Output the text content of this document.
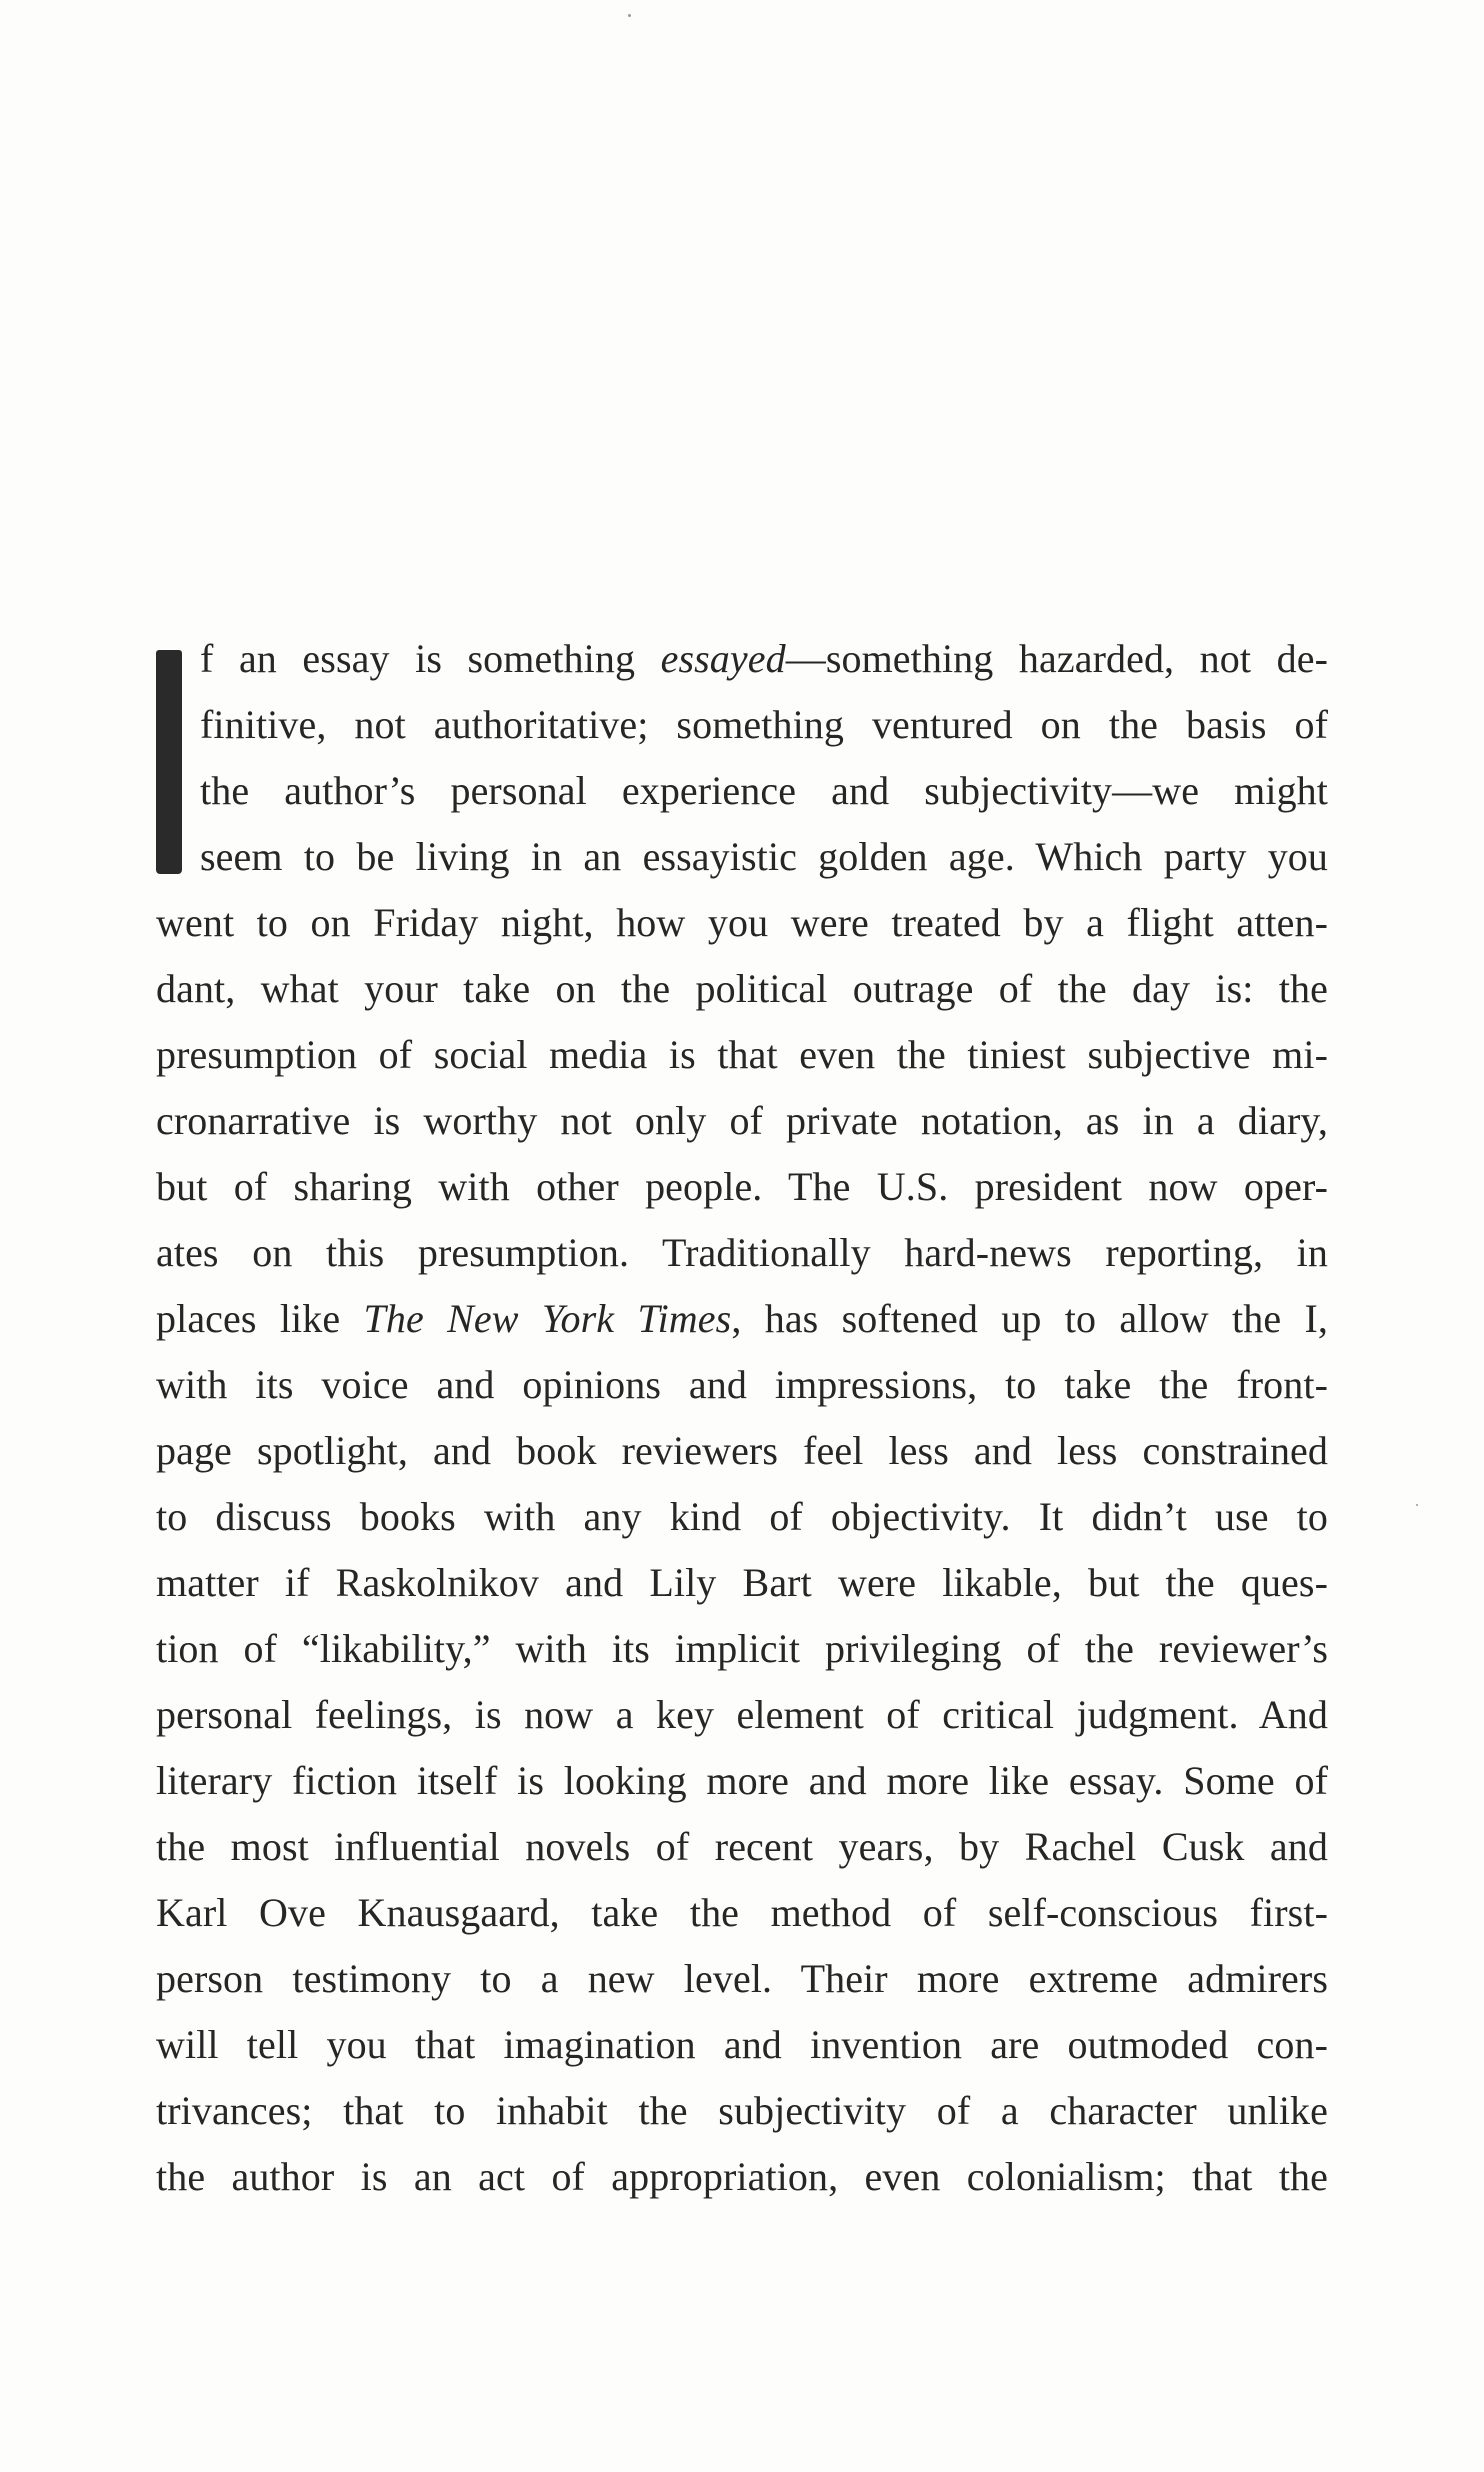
f an essay is something essayed—something hazarded, not de-
finitive, not authoritative; something ventured on the basis of
the author’s personal experience and subjectivity—we might
seem to be living in an essayistic golden age. Which party you
went to on Friday night, how you were treated by a flight atten-
dant, what your take on the political outrage of the day is: the
presumption of social media is that even the tiniest subjective mi-
cronarrative is worthy not only of private notation, as in a diary,
but of sharing with other people. The U.S. president now oper-
ates on this presumption. Traditionally hard-news reporting, in
places like The New York Times, has softened up to allow the I,
with its voice and opinions and impressions, to take the front-
page spotlight, and book reviewers feel less and less constrained
to discuss books with any kind of objectivity. It didn’t use to
matter if Raskolnikov and Lily Bart were likable, but the ques-
tion of “likability,” with its implicit privileging of the reviewer’s
personal feelings, is now a key element of critical judgment. And
literary fiction itself is looking more and more like essay. Some of
the most influential novels of recent years, by Rachel Cusk and
Karl Ove Knausgaard, take the method of self-conscious first-
person testimony to a new level. Their more extreme admirers
will tell you that imagination and invention are outmoded con-
trivances; that to inhabit the subjectivity of a character unlike
the author is an act of appropriation, even colonialism; that the
